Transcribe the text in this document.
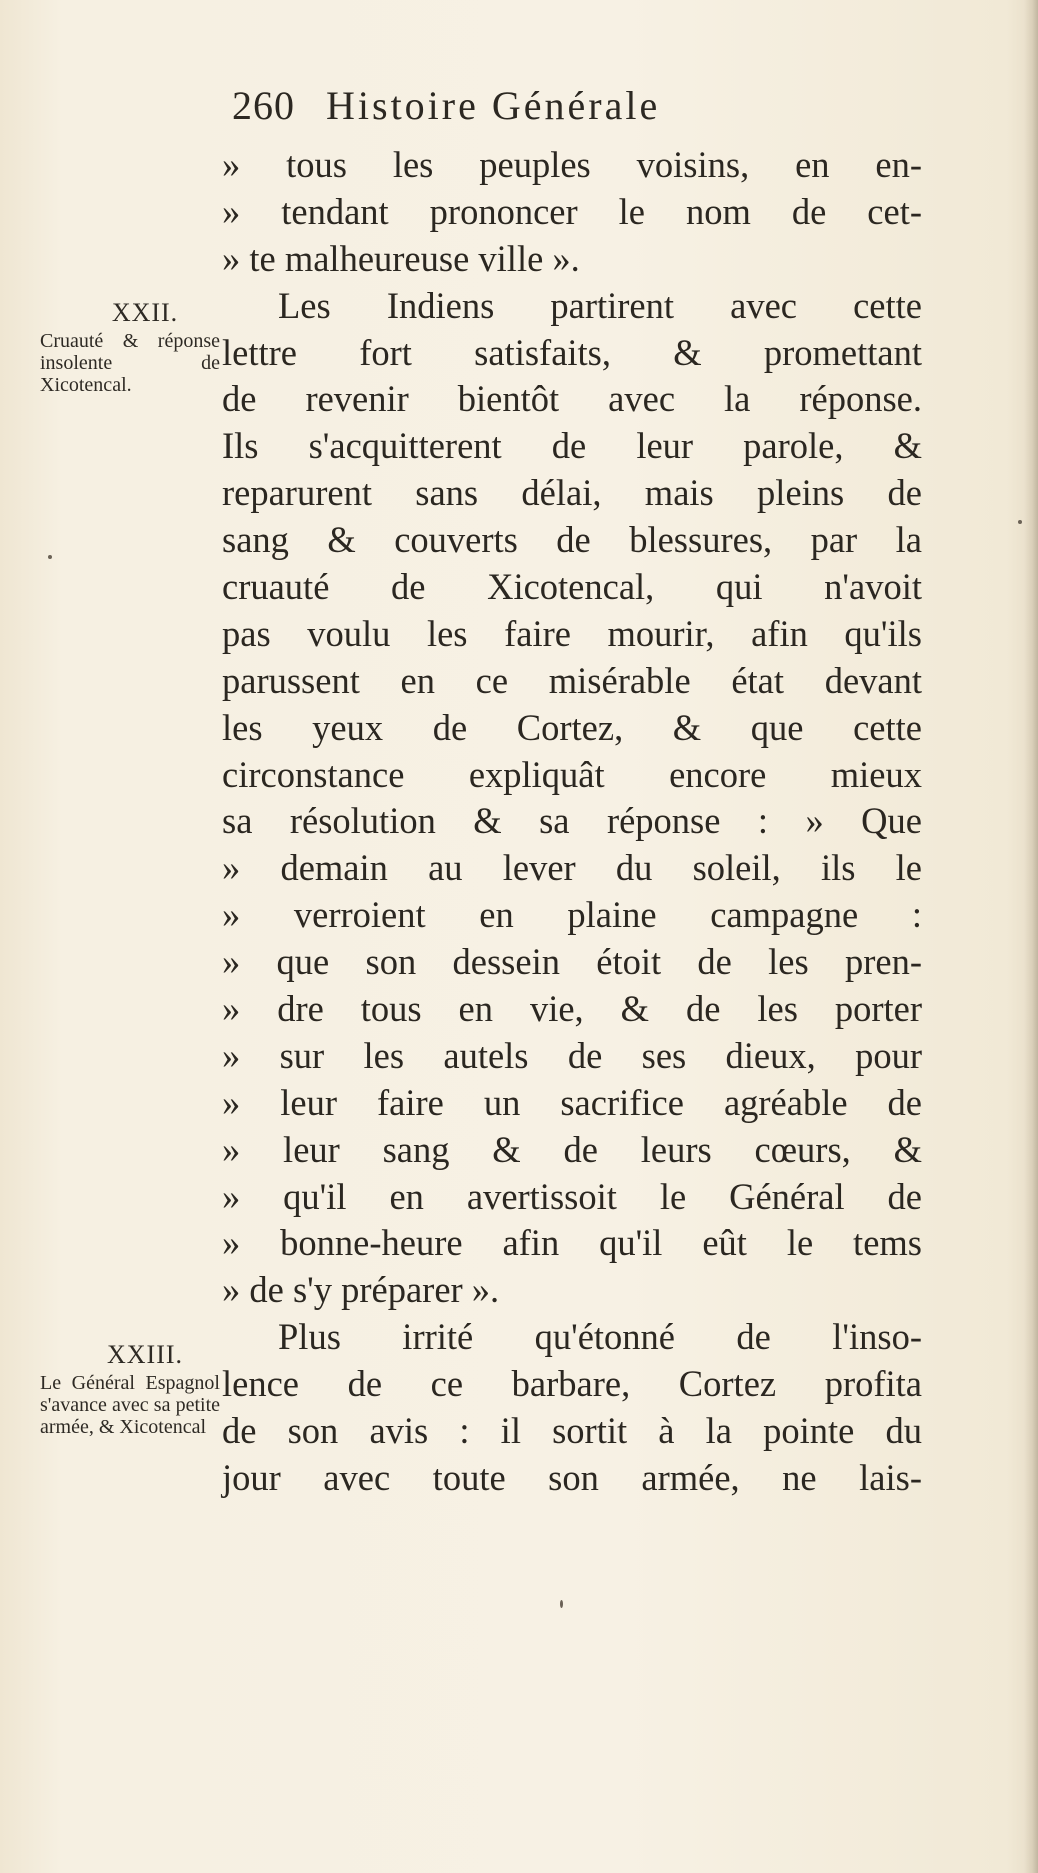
260 Histoire Générale
» tous les peuples voisins, en en-
» tendant prononcer le nom de cet-
» te malheureuse ville ».
Les Indiens partirent avec cette
lettre fort satisfaits, & promettant
de revenir bientôt avec la réponse.
Ils s'acquitterent de leur parole, &
reparurent sans délai, mais pleins de
sang & couverts de blessures, par la
cruauté de Xicotencal, qui n'avoit
pas voulu les faire mourir, afin qu'ils
parussent en ce misérable état devant
les yeux de Cortez, & que cette
circonstance expliquât encore mieux
sa résolution & sa réponse : » Que
» demain au lever du soleil, ils le
» verroient en plaine campagne :
» que son dessein étoit de les pren-
» dre tous en vie, & de les porter
» sur les autels de ses dieux, pour
» leur faire un sacrifice agréable de
» leur sang & de leurs cœurs, &
» qu'il en avertissoit le Général de
» bonne-heure afin qu'il eût le tems
» de s'y préparer ».
Plus irrité qu'étonné de l'inso-
lence de ce barbare, Cortez profita
de son avis : il sortit à la pointe du
jour avec toute son armée, ne lais-
XXII.
Cruauté & réponse insolente de Xicotencal.
XXIII.
Le Général Espagnol s'avance avec sa petite armée, & Xicotencal
